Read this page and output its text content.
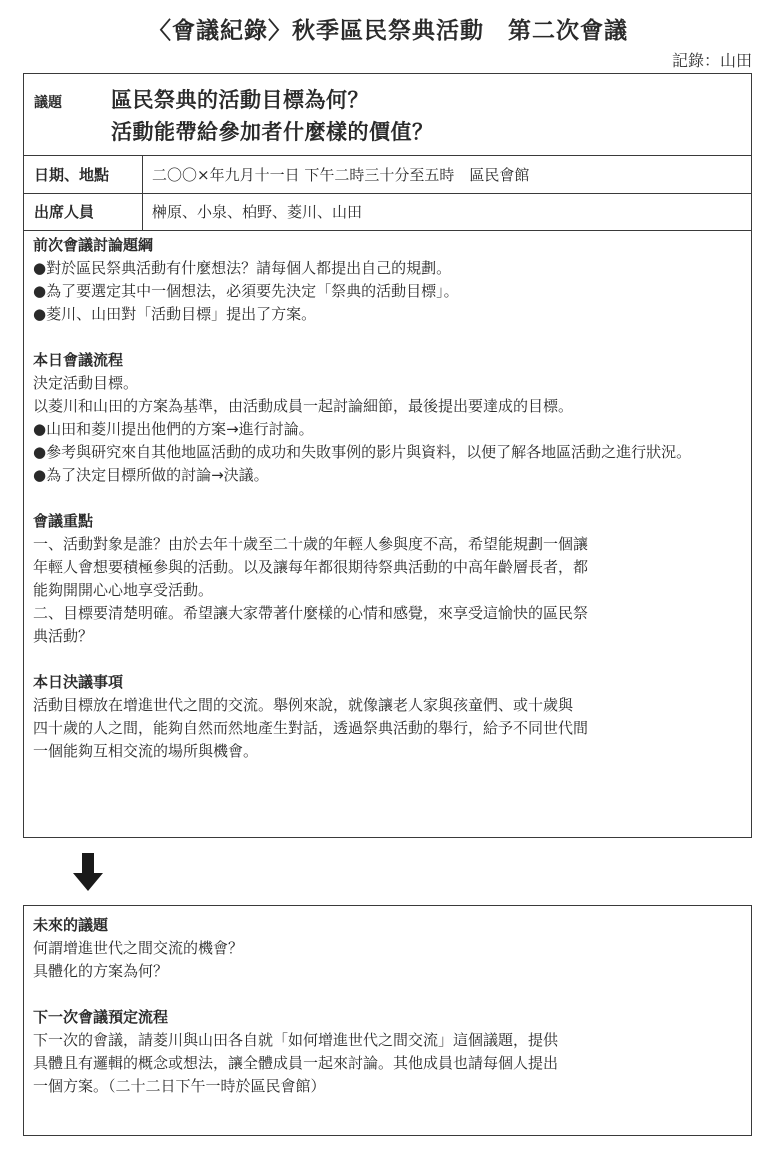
〈會議紀錄〉秋季區民祭典活動　第二次會議
記錄：山田
議題 區民祭典的活動目標為何？
活動能帶給參加者什麼樣的價值？
日期、地點	二〇〇×年九月十一日 下午二時三十分至五時　區民會館
出席人員	榊原、小泉、柏野、菱川、山田
前次會議討論題綱
●對於區民祭典活動有什麼想法？請每個人都提出自己的規劃。
●為了要選定其中一個想法，必須要先決定「祭典的活動目標」。
●菱川、山田對「活動目標」提出了方案。
本日會議流程
決定活動目標。
以菱川和山田的方案為基準，由活動成員一起討論細節，最後提出要達成的目標。
●山田和菱川提出他們的方案→進行討論。
●參考與研究來自其他地區活動的成功和失敗事例的影片與資料，以便了解各地區活動之進行狀況。
●為了決定目標所做的討論→決議。
會議重點
一、活動對象是誰？由於去年十歲至二十歲的年輕人參與度不高，希望能規劃一個讓
年輕人會想要積極參與的活動。以及讓每年都很期待祭典活動的中高年齡層長者，都
能夠開開心心地享受活動。
二、目標要清楚明確。希望讓大家帶著什麼樣的心情和感覺，來享受這愉快的區民祭
典活動？
本日決議事項
活動目標放在增進世代之間的交流。舉例來說，就像讓老人家與孩童們、或十歲與
四十歲的人之間，能夠自然而然地產生對話，透過祭典活動的舉行，給予不同世代間
一個能夠互相交流的場所與機會。
未來的議題
何謂增進世代之間交流的機會？
具體化的方案為何？
下一次會議預定流程
下一次的會議，請菱川與山田各自就「如何增進世代之間交流」這個議題，提供
具體且有邏輯的概念或想法，讓全體成員一起來討論。其他成員也請每個人提出
一個方案。（二十二日下午一時於區民會館）
